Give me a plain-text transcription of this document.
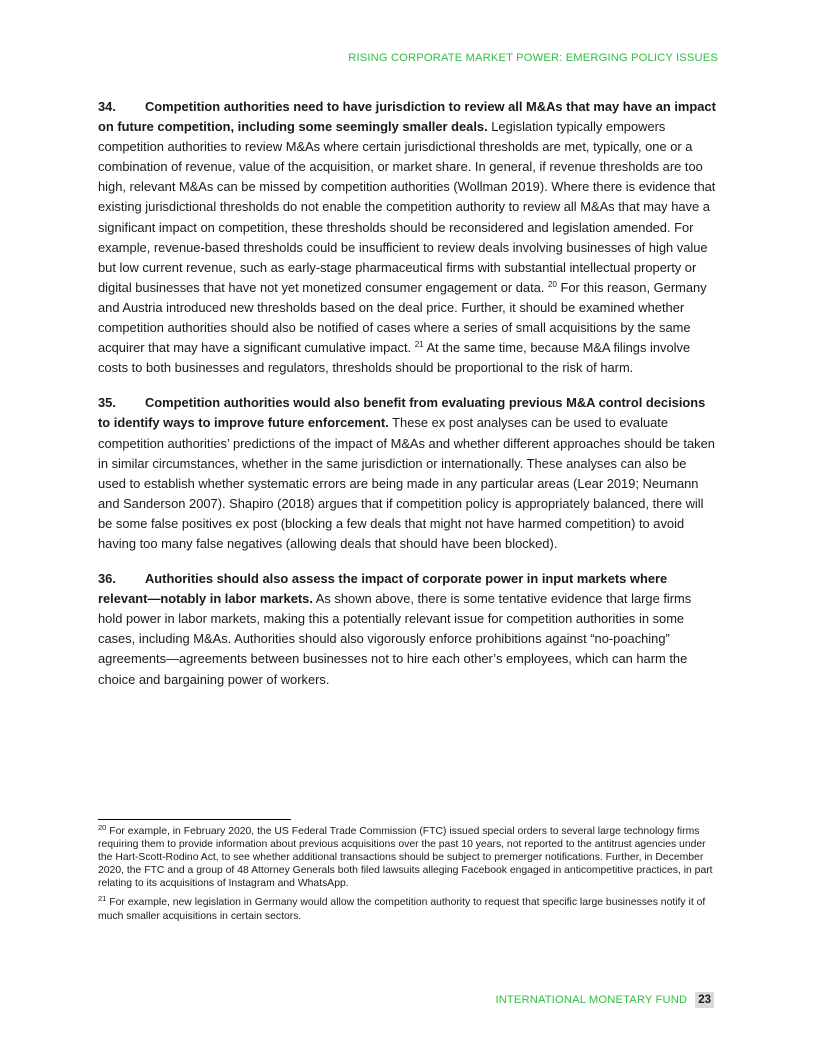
RISING CORPORATE MARKET POWER: EMERGING POLICY ISSUES

34. Competition authorities need to have jurisdiction to review all M&As that may have an impact on future competition, including some seemingly smaller deals. Legislation typically empowers competition authorities to review M&As where certain jurisdictional thresholds are met, typically, one or a combination of revenue, value of the acquisition, or market share. In general, if revenue thresholds are too high, relevant M&As can be missed by competition authorities (Wollman 2019). Where there is evidence that existing jurisdictional thresholds do not enable the competition authority to review all M&As that may have a significant impact on competition, these thresholds should be reconsidered and legislation amended. For example, revenue-based thresholds could be insufficient to review deals involving businesses of high value but low current revenue, such as early-stage pharmaceutical firms with substantial intellectual property or digital businesses that have not yet monetized consumer engagement or data. $^{20}$ For this reason, Germany and Austria introduced new thresholds based on the deal price. Further, it should be examined whether competition authorities should also be notified of cases where a series of small acquisitions by the same acquirer that may have a significant cumulative impact. $^{21}$ At the same time, because M&A filings involve costs to both businesses and regulators, thresholds should be proportional to the risk of harm.

35. Competition authorities would also benefit from evaluating previous M&A control decisions to identify ways to improve future enforcement. These ex post analyses can be used to evaluate competition authorities’ predictions of the impact of M&As and whether different approaches should be taken in similar circumstances, whether in the same jurisdiction or internationally. These analyses can also be used to establish whether systematic errors are being made in any particular areas (Lear 2019; Neumann and Sanderson 2007). Shapiro (2018) argues that if competition policy is appropriately balanced, there will be some false positives ex post (blocking a few deals that might not have harmed competition) to avoid having too many false negatives (allowing deals that should have been blocked).

36. Authorities should also assess the impact of corporate power in input markets where relevant—notably in labor markets. As shown above, there is some tentative evidence that large firms hold power in labor markets, making this a potentially relevant issue for competition authorities in some cases, including M&As. Authorities should also vigorously enforce prohibitions against “no-poaching” agreements—agreements between businesses not to hire each other’s employees, which can harm the choice and bargaining power of workers.

$^{20}$ For example, in February 2020, the US Federal Trade Commission (FTC) issued special orders to several large technology firms requiring them to provide information about previous acquisitions over the past 10 years, not reported to the antitrust agencies under the Hart-Scott-Rodino Act, to see whether additional transactions should be subject to premerger notifications. Further, in December 2020, the FTC and a group of 48 Attorney Generals both filed lawsuits alleging Facebook engaged in anticompetitive practices, in part relating to its acquisitions of Instagram and WhatsApp.

$^{21}$ For example, new legislation in Germany would allow the competition authority to request that specific large businesses notify it of much smaller acquisitions in certain sectors.

INTERNATIONAL MONETARY FUND 23
